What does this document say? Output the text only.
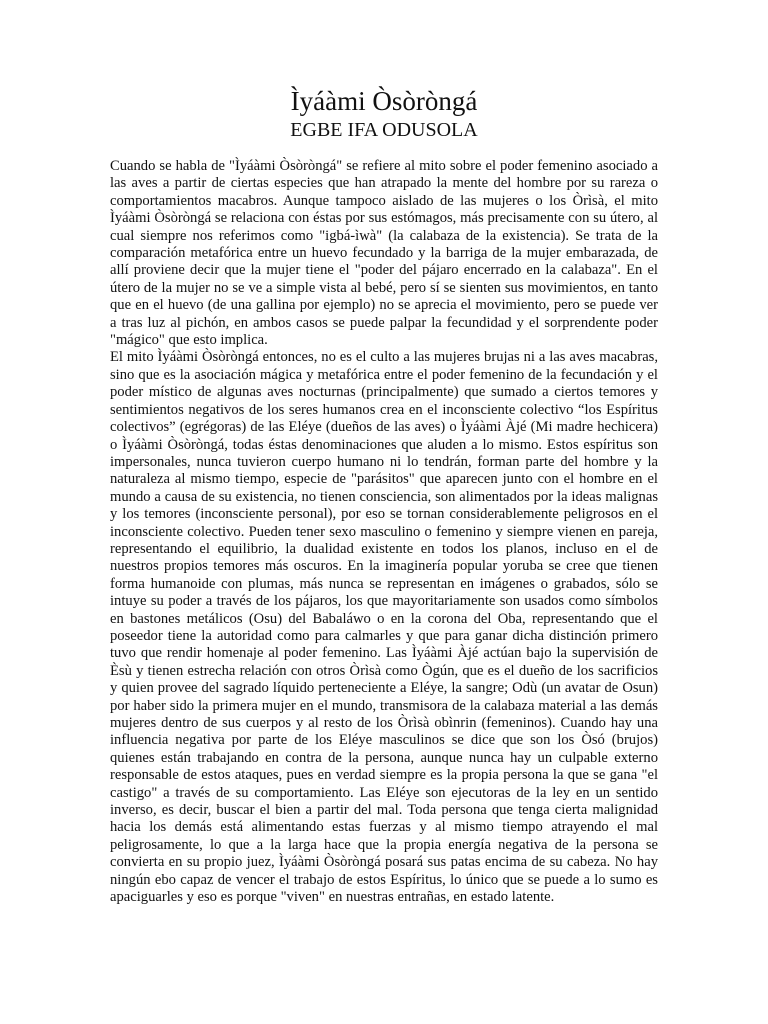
Ìyáàmi Òsòròngá
EGBE IFA ODUSOLA

Cuando se habla de "Ìyáàmi Òsòròngá" se refiere al mito sobre el poder femenino asociado a las aves a partir de ciertas especies que han atrapado la mente del hombre por su rareza o comportamientos macabros. Aunque tampoco aislado de las mujeres o los Òrìsà, el mito Ìyáàmi Òsòròngá se relaciona con éstas por sus estómagos, más precisamente con su útero, al cual siempre nos referimos como "igbá-ìwà" (la calabaza de la existencia). Se trata de la comparación metafórica entre un huevo fecundado y la barriga de la mujer embarazada, de allí proviene decir que la mujer tiene el "poder del pájaro encerrado en la calabaza". En el útero de la mujer no se ve a simple vista al bebé, pero sí se sienten sus movimientos, en tanto que en el huevo (de una gallina por ejemplo) no se aprecia el movimiento, pero se puede ver a tras luz al pichón, en ambos casos se puede palpar la fecundidad y el sorprendente poder "mágico" que esto implica.

El mito Ìyáàmi Òsòròngá entonces, no es el culto a las mujeres brujas ni a las aves macabras, sino que es la asociación mágica y metafórica entre el poder femenino de la fecundación y el poder místico de algunas aves nocturnas (principalmente) que sumado a ciertos temores y sentimientos negativos de los seres humanos crea en el inconsciente colectivo “los Espíritus colectivos” (egrégoras) de las Eléye (dueños de las aves) o Ìyáàmi Àjé (Mi madre hechicera) o Ìyáàmi Òsòròngá, todas éstas denominaciones que aluden a lo mismo. Estos espíritus son impersonales, nunca tuvieron cuerpo humano ni lo tendrán, forman parte del hombre y la naturaleza al mismo tiempo, especie de "parásitos" que aparecen junto con el hombre en el mundo a causa de su existencia, no tienen consciencia, son alimentados por la ideas malignas y los temores (inconsciente personal), por eso se tornan considerablemente peligrosos en el inconsciente colectivo. Pueden tener sexo masculino o femenino y siempre vienen en pareja, representando el equilibrio, la dualidad existente en todos los planos, incluso en el de nuestros propios temores más oscuros. En la imaginería popular yoruba se cree que tienen forma humanoide con plumas, más nunca se representan en imágenes o grabados, sólo se intuye su poder a través de los pájaros, los que mayoritariamente son usados como símbolos en bastones metálicos (Osu) del Babaláwo o en la corona del Oba, representando que el poseedor tiene la autoridad como para calmarles y que para ganar dicha distinción primero tuvo que rendir homenaje al poder femenino. Las Ìyáàmi Àjé actúan bajo la supervisión de Èsù y tienen estrecha relación con otros Òrìsà como Ògún, que es el dueño de los sacrificios y quien provee del sagrado líquido perteneciente a Eléye, la sangre; Odù (un avatar de Osun) por haber sido la primera mujer en el mundo, transmisora de la calabaza material a las demás mujeres dentro de sus cuerpos y al resto de los Òrìsà obìnrin (femeninos). Cuando hay una influencia negativa por parte de los Eléye masculinos se dice que son los Òsó (brujos) quienes están trabajando en contra de la persona, aunque nunca hay un culpable externo responsable de estos ataques, pues en verdad siempre es la propia persona la que se gana "el castigo" a través de su comportamiento. Las Eléye son ejecutoras de la ley en un sentido inverso, es decir, buscar el bien a partir del mal. Toda persona que tenga cierta malignidad hacia los demás está alimentando estas fuerzas y al mismo tiempo atrayendo el mal peligrosamente, lo que a la larga hace que la propia energía negativa de la persona se convierta en su propio juez, Ìyáàmi Òsòròngá posará sus patas encima de su cabeza. No hay ningún ebo capaz de vencer el trabajo de estos Espíritus, lo único que se puede a lo sumo es apaciguarles y eso es porque "viven" en nuestras entrañas, en estado latente.
